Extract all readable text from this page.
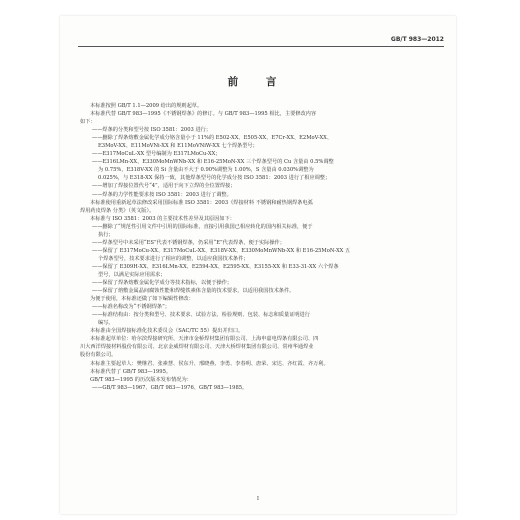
GB/T 983—2012
前 言
本标准按照 GB/T 1.1—2009 给出的规则起草。
本标准代替 GB/T 983—1995《不锈钢焊条》的修订。与 GB/T 983—1995 相比，主要修改内容
如下：
——焊条的分类和型号按 ISO 3581：2003 进行；
——删除了焊条熔敷金属化学成分铬含量小于 11%的 E502-XX、E505-XX、E7Cr-XX、E2MoV-XX、
E3MoV-XX、E11MoVNi-XX 和 E11MoVNiW-XX 七个焊条型号；
——E317MoCuL-XX 型号编制为 E317LMoCu-XX；
——E316LMn-XX、E330MoMnWNb-XX 和 E16-25MoN-XX 三个焊条型号的 Cu 含量由 0.5%调整
为 0.75%，E318V-XX 的 Si 含量由不大于 0.90%调整为 1.00%，S 含量由 0.030%调整为
0.025%，与 E318-XX 保持一致，其他焊条型号的化学成分按 ISO 3581：2003 进行了相应调整；
——增加了焊接位置代号“4”，适用于向下立焊的全位置焊接；
——焊条的力学性能要求按 ISO 3581：2003 进行了调整。
本标准使用重新起草法修改采用国际标准 ISO 3581：2003《焊接材料 不锈钢和耐热钢焊条电弧
焊用药皮焊条 分类》（英文版）。
本标准与 ISO 3581：2003 的主要技术性差异及其原因如下：
——删除了“规范性引用文件中引用的国际标准，直接引用我国已相应转化的国内相关标准，便于
执行；
——焊条型号中未采用“ES”代表不锈钢焊条，仍采用“E”代表焊条，便于实际操作；
——保留了 E317MoCu-XX、E317MoCuL-XX、E318V-XX、E330MoMnWNb-XX 和 E16-25MoN-XX 五
个焊条型号，技术要求进行了相应的调整，以适应我国技术条件；
——保留了 E309H-XX、E316LMn-XX、E2594-XX、E2595-XX、E3155-XX 和 E33-31-XX 六个焊条
型号，以满足实际应用需求；
——保留了焊条熔敷金属化学成分等技术指标，以便于操作；
——保留了熔敷金属晶间腐蚀性能和焊缝铁素体含量的技术要求，以适用我国技术条件。
为便于使用，本标准还做了如下编辑性修改：
——标准名称改为“不锈钢焊条”；
——标准结构由：按分类和型号、技术要求、试验方法、检验规则、包装、标志和质量证明进行
编写。
本标准由全国焊接标准化技术委员会（SAC/TC 55）提出并归口。
本标准起草单位：哈尔滨焊接研究所、天津市金桥焊材集团有限公司、上海申嘉电焊条有限公司、四
川大西洋焊接材料股份有限公司、北京金威焊材有限公司、天津大桥焊材集团有限公司、常州华通焊业
股份有限公司。
本标准主要起草人：樊继君、张素慧、侯东升、邢晓燕、李勇、李春明、唐荣、宋达、齐红霞、齐万利。
本标准代替了 GB/T 983—1995。
GB/T 983—1995 的历次版本发布情况为：
——GB/T 983—1967、GB/T 983—1976、GB/T 983—1985。
I
